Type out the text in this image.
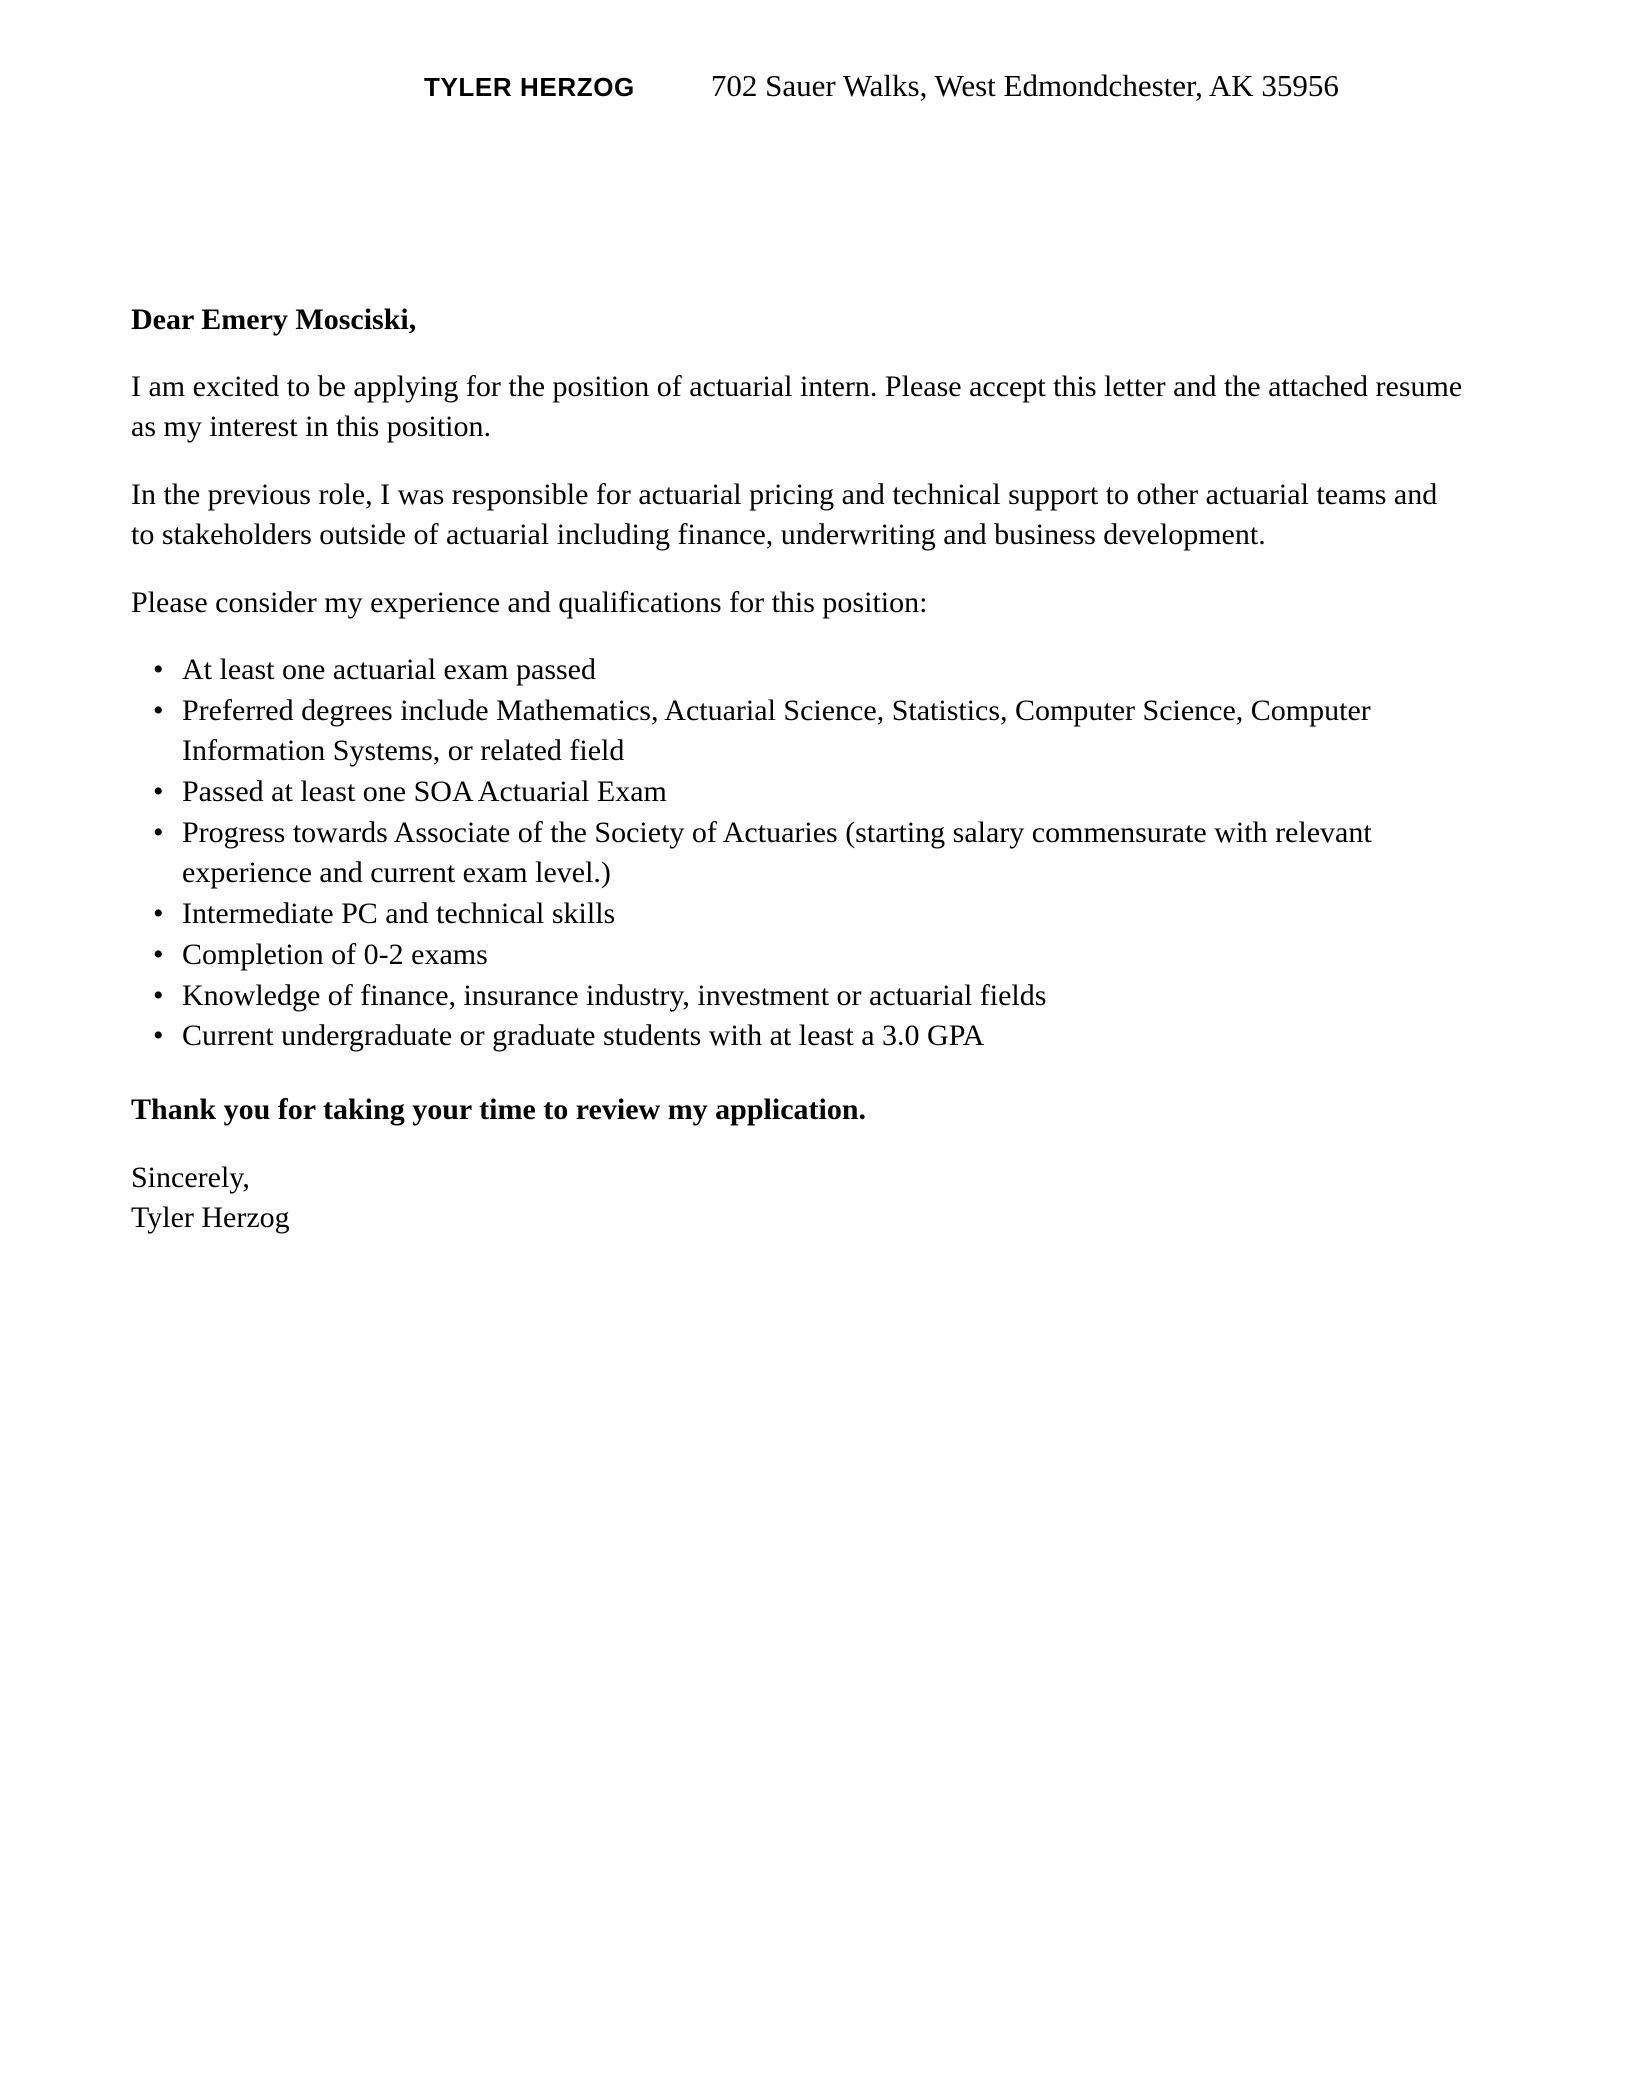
TYLER HERZOG 702 Sauer Walks, West Edmondchester, AK 35956

Dear Emery Mosciski,

I am excited to be applying for the position of actuarial intern. Please accept this letter and the attached resume as my interest in this position.

In the previous role, I was responsible for actuarial pricing and technical support to other actuarial teams and to stakeholders outside of actuarial including finance, underwriting and business development.

Please consider my experience and qualifications for this position:

• At least one actuarial exam passed
• Preferred degrees include Mathematics, Actuarial Science, Statistics, Computer Science, Computer Information Systems, or related field
• Passed at least one SOA Actuarial Exam
• Progress towards Associate of the Society of Actuaries (starting salary commensurate with relevant experience and current exam level.)
• Intermediate PC and technical skills
• Completion of 0-2 exams
• Knowledge of finance, insurance industry, investment or actuarial fields
• Current undergraduate or graduate students with at least a 3.0 GPA

Thank you for taking your time to review my application.

Sincerely,
Tyler Herzog
